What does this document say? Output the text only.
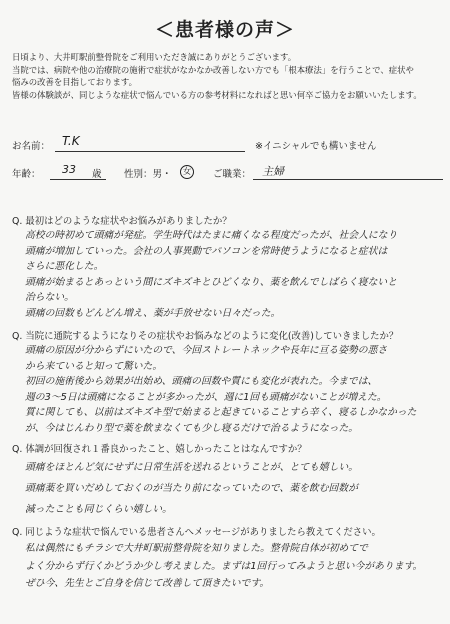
＜患者様の声＞
日頃より、大井町駅前整骨院をご利用いただき誠にありがとうございます。
当院では、病院や他の治療院の施術で症状がなかなか改善しない方でも「根本療法」を行うことで、症状や
悩みの改善を目指しております。
皆様の体験談が、同じような症状で悩んでいる方の参考材料になればと思い何卒ご協力をお願いいたします。
お名前： T.K	※イニシャルでも構いません
年齢： 33 歳 性別：男・	女 ご職業： 主婦
Q. 最初はどのような症状やお悩みがありましたか？
高校の時初めて頭痛が発症。学生時代はたまに痛くなる程度だったが、社会人になり
頭痛が増加していった。会社の人事異動でパソコンを常時使うようになると症状は
さらに悪化した。
頭痛が始まるとあっという間にズキズキとひどくなり、薬を飲んでしばらく寝ないと
治らない。
頭痛の回数もどんどん増え、薬が手放せない日々だった。
Q. 当院に通院するようになりその症状やお悩みなどのように変化(改善)していきましたか？
頭痛の原因が分からずにいたので、今回ストレートネックや長年に亘る姿勢の悪さ
から来ていると知って驚いた。
初回の施術後から効果が出始め、頭痛の回数や質にも変化が表れた。今までは、
週の3～5日は頭痛になることが多かったが、週に1回も頭痛がないことが増えた。
質に関しても、以前はズキズキ型で始まると起きていることすら辛く、寝るしかなかった
が、今はじんわり型で薬を飲まなくても少し寝るだけで治るようになった。
Q. 体調が回復され１番良かったこと、嬉しかったことはなんですか？
頭痛をほとんど気にせずに日常生活を送れるということが、とても嬉しい。
頭痛薬を買いだめしておくのが当たり前になっていたので、薬を飲む回数が
減ったことも同じくらい嬉しい。
Q. 同じような症状で悩んでいる患者さんへメッセージがありましたら教えてください。
私は偶然にもチラシで大井町駅前整骨院を知りました。整骨院自体が初めてで
よく分からず行くかどうか少し考えました。まずは1回行ってみようと思い今があります。
ぜひ今、先生とご自身を信じて改善して頂きたいです。
